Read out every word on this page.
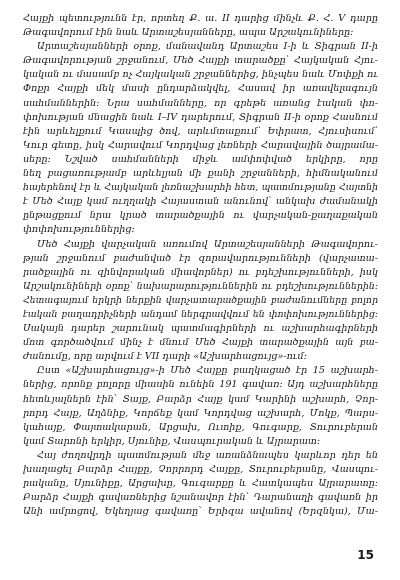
Հայքի պետությունն էր, որտեղ Ք. ա. II դարից մինչև Ք. Հ. V դարը
Թագավորում էին նաև Արտաշեսյանները, ապա Արշակունիները:
Արտաշեսյանների օրոք, մանավանդ Արտաշես I-ի և Տիգրան II-ի
Թագավորության շրջանում, Մեծ Հայքի տարածքը՝ Հայկական Հյու-
կական ու մասամբ ոչ Հայկական շրջաններից, ինչպես նաև Մոփքի ու
Փոքր Հայքի մեկ մասի ընդարձակվել, Հասավ իր առավելագույն
սահմաններին: Նրա սահմանները, որ գրեթե առանց էական փո-
փոխության մնացին նաև I–IV դարերում, Տիգրան II-ի օրոք Հասնում
էին արևելքում Կասպից ծով, արևմտաքում՝ Եփրատ, Հյուսիսում՝
Կուր գետը, իսկ Հարավում Կորդվաց լեռների Հարավային ծայրամա-
սերը: Նշված սահմանների միջև ամփոփված երկիրը, որը
նեղ բացառությամբ արևելյան մի քանի շրջանների, հիմնականում
հայերենով էր և Հայկական լեռնաշխարհի հետ, պատմությանը Հայտնի
է Մեծ Հայք կամ ուղղակի Հայաստան անունով՝ անկախ ժամանակի
ընթացքում նրա կրած տարածքային ու վարչական-քաղաքական
փոփոխություններից:
Մեծ Հայքի վարչական առումով Արտաշեսյանների Թագավորու-
թյան շրջանում բաժանված էր զորավարությունների (վարչատա-
րածքային ու զինվորական միավորներ) ու բդեշխությունների, իսկ
Արշակունիների օրոք՝ նախարարություններին ու բդեշխություններին:
Հետագայում երկրի ներքին վարչատարածքային բաժանումները բոլոր
էական բաղադրիչների անդամ ներգրավվում են փոփոխություններից:
Սակայն դարեր շարունակ պատմագիրների ու աշխարհագիրների
մոտ գործածվում մինչ է մնում Մեծ Հայքի տարածքային այն բա-
ժանումը, որը արվում է VII դարի «Աշխարհացույց»-ում:
Ըստ «Աշխարհացույց»-ի Մեծ Հայքը բաղկացած էր 15 աշխարհ-
ներից, որոնք բոլորը միասին ունեին 191 գավառ: Այդ աշխարհները
հետևյալներն էին՝ Տայք, Բարձր Հայք կամ Կարինի աշխարհ, Չոր-
րորդ Հայք, Աղձնիք, Կորճեք կամ Կորդվաց աշխարհ, Մոկք, Պարս-
կահայք, Փայտակարան, Արցախ, Ուտիք, Գուգարք, Տուրուբերան
կամ Տարոնի երկիր, Սյունիք, Վասպուրական և Այրարատ:
Հայ ժողովրդի պատմության մեջ առանձնապես կարևոր դեր են
խաղացել Բարձր Հայքը, Չորրորդ Հայքը, Տուրուբերանը, Վասպու-
րականը, Սյունիքը, Արցախը, Գուգարքը և Հատկապես Այրարատը:
Բարձր Հայքի գավառներից նշանավոր էին՝ Դարանաղի գավառն իր
Անի ամրոցով, Եկեղյաց գավառը՝ Երիզա ավանով (Երզնկա), Մա-
15
